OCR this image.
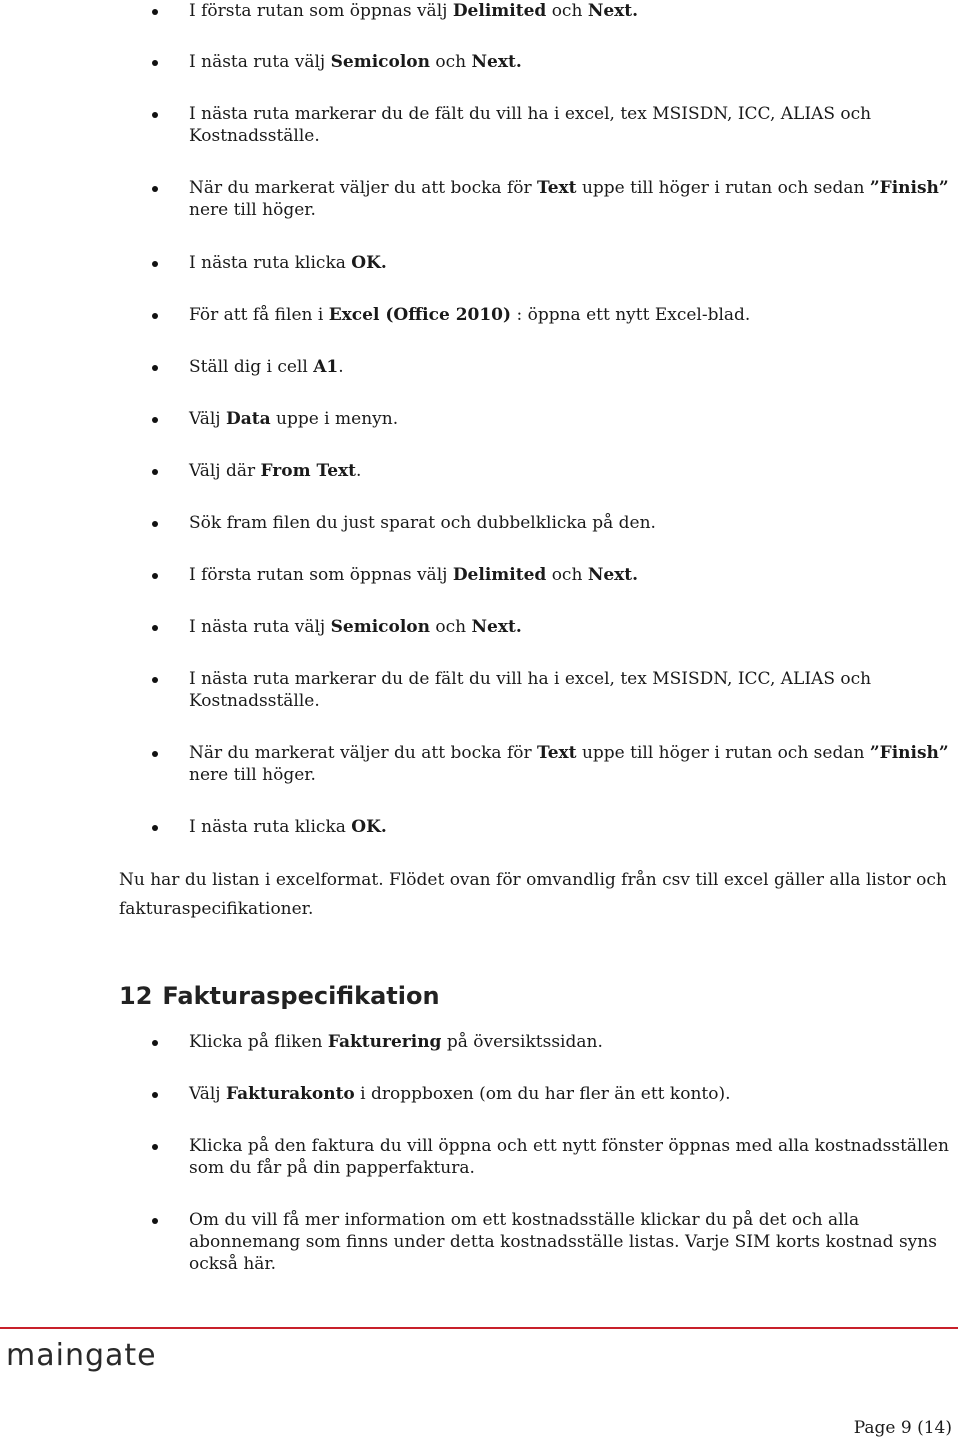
I första rutan som öppnas välj Delimited och Next.
I nästa ruta välj Semicolon och Next.
I nästa ruta markerar du de fält du vill ha i excel, tex MSISDN, ICC, ALIAS och Kostnadsställe.
När du markerat väljer du att bocka för Text uppe till höger i rutan och sedan ”Finish” nere till höger.
I nästa ruta klicka OK.
För att få filen i Excel (Office 2010) : öppna ett nytt Excel-blad.
Ställ dig i cell A1.
Välj Data uppe i menyn.
Välj där From Text.
Sök fram filen du just sparat och dubbelklicka på den.
I första rutan som öppnas välj Delimited och Next.
I nästa ruta välj Semicolon och Next.
I nästa ruta markerar du de fält du vill ha i excel, tex MSISDN, ICC, ALIAS och Kostnadsställe.
När du markerat väljer du att bocka för Text uppe till höger i rutan och sedan ”Finish” nere till höger.
I nästa ruta klicka OK.
Nu har du listan i excelformat. Flödet ovan för omvandlig från csv till excel gäller alla listor och fakturaspecifikationer.
12 Fakturaspecifikation
Klicka på fliken Fakturering på översiktssidan.
Välj Fakturakonto i droppboxen (om du har fler än ett konto).
Klicka på den faktura du vill öppna och ett nytt fönster öppnas med alla kostnadsställen som du får på din papperfaktura.
Om du vill få mer information om ett kostnadsställe klickar du på det och alla abonnemang som finns under detta kostnadsställe listas. Varje SIM korts kostnad syns också här.
maingate
Page 9 (14)
